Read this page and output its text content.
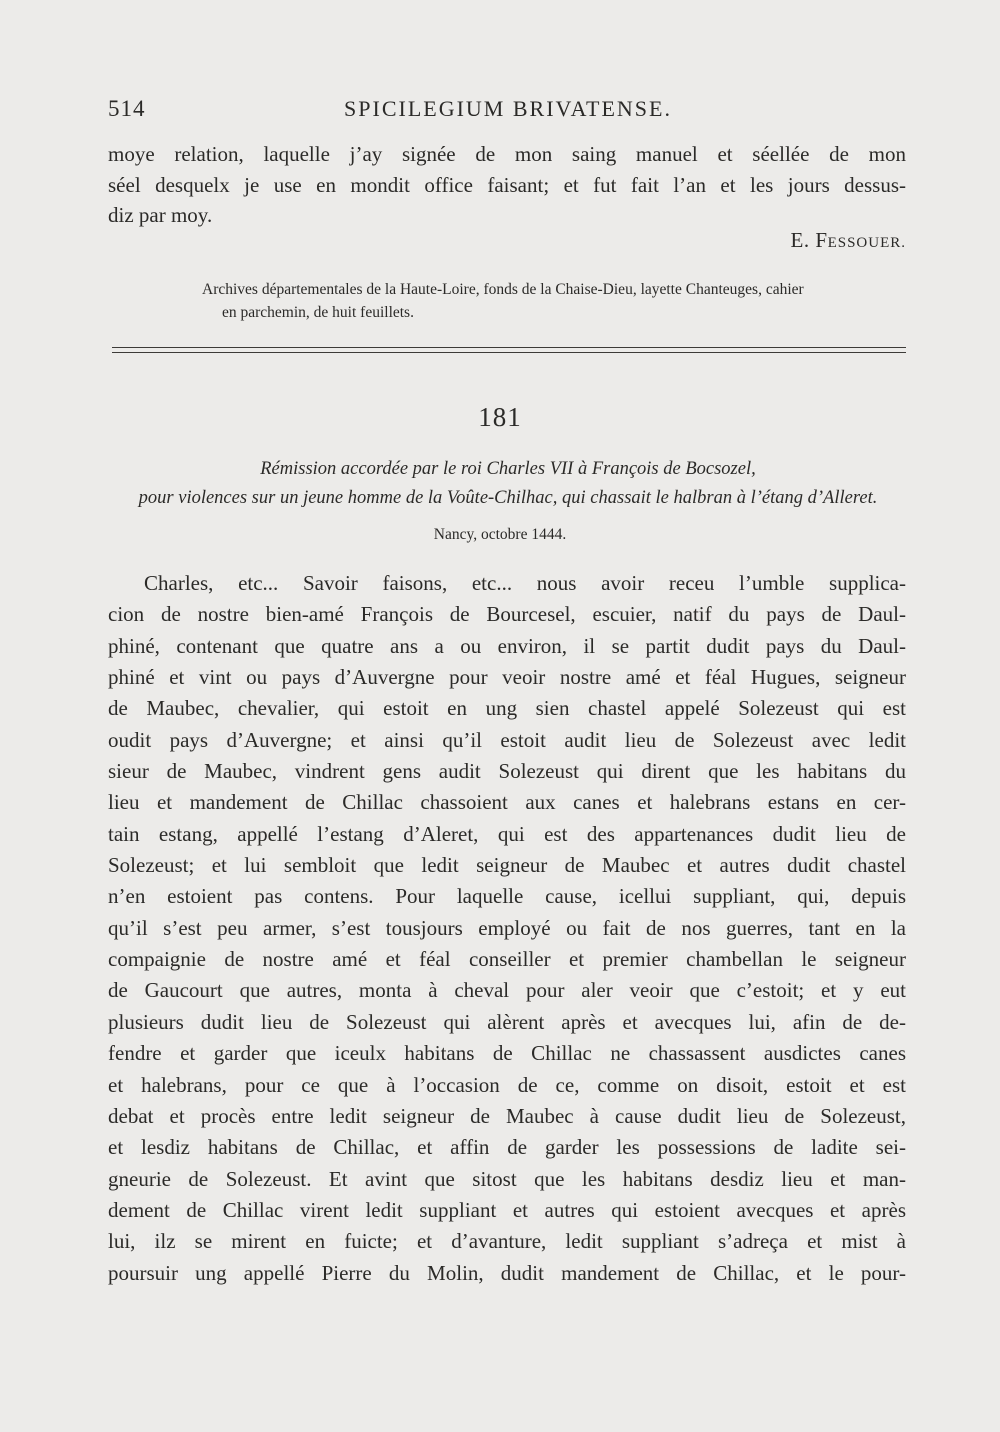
514	SPICILEGIUM BRIVATENSE.

moye relation, laquelle j’ay signée de mon saing manuel et séellée de mon
séel desquelx je use en mondit office faisant; et fut fait l’an et les jours dessus-
diz par moy.

E. FESSOUER.
Archives départementales de la Haute-Loire, fonds de la Chaise-Dieu, layette Chanteuges, cahier
en parchemin, de huit feuillets.
181
Rémission accordée par le roi Charles VII à François de Bocsozel,
pour violences sur un jeune homme de la Voûte-Chilhac, qui chassait le halbran à l’étang d’Alleret.
Nancy, octobre 1444.

Charles, etc... Savoir faisons, etc... nous avoir receu l’umble supplica-
cion de nostre bien-amé François de Bourcesel, escuier, natif du pays de Daul-
phiné, contenant que quatre ans a ou environ, il se partit dudit pays du Daul-
phiné et vint ou pays d’Auvergne pour veoir nostre amé et féal Hugues, seigneur
de Maubec, chevalier, qui estoit en ung sien chastel appelé Solezeust qui est
oudit pays d’Auvergne; et ainsi qu’il estoit audit lieu de Solezeust avec ledit
sieur de Maubec, vindrent gens audit Solezeust qui dirent que les habitans du
lieu et mandement de Chillac chassoient aux canes et halebrans estans en cer-
tain estang, appellé l’estang d’Aleret, qui est des appartenances dudit lieu de
Solezeust; et lui sembloit que ledit seigneur de Maubec et autres dudit chastel
n’en estoient pas contens. Pour laquelle cause, icellui suppliant, qui, depuis
qu’il s’est peu armer, s’est tousjours employé ou fait de nos guerres, tant en la
compaignie de nostre amé et féal conseiller et premier chambellan le seigneur
de Gaucourt que autres, monta à cheval pour aler veoir que c’estoit; et y eut
plusieurs dudit lieu de Solezeust qui alèrent après et avecques lui, afin de de-
fendre et garder que iceulx habitans de Chillac ne chassassent ausdictes canes
et halebrans, pour ce que à l’occasion de ce, comme on disoit, estoit et est
debat et procès entre ledit seigneur de Maubec à cause dudit lieu de Solezeust,
et lesdiz habitans de Chillac, et affin de garder les possessions de ladite sei-
gneurie de Solezeust. Et avint que sitost que les habitans desdiz lieu et man-
dement de Chillac virent ledit suppliant et autres qui estoient avecques et après
lui, ilz se mirent en fuicte; et d’avanture, ledit suppliant s’adreça et mist à
poursuir ung appellé Pierre du Molin, dudit mandement de Chillac, et le pour-
